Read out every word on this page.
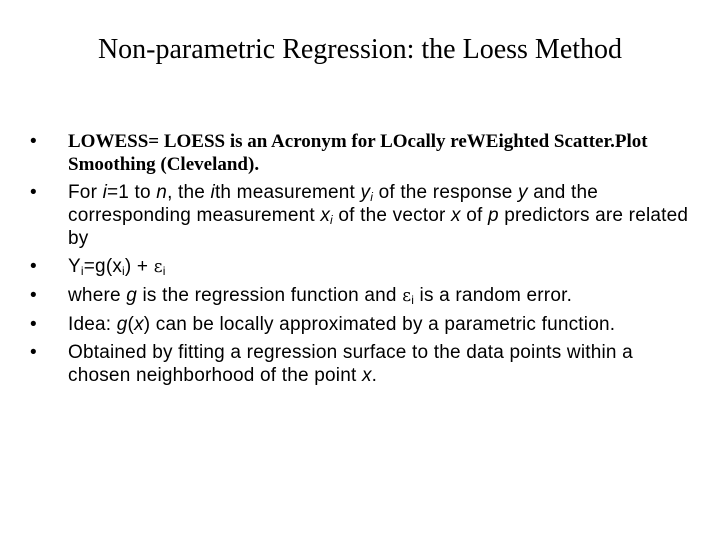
Non-parametric Regression: the Loess Method
•	LOWESS= LOESS is an Acronym for LOcally reWEighted Scatter.Plot Smoothing (Cleveland).
•	For i=1 to n, the ith measurement $y_i$ of the response y and the corresponding measurement $x_i$ of the vector x of p predictors are related by
•	$Y_i=g(x_i) + \varepsilon_i$
•	where g is the regression function and $\varepsilon_i$ is a random error.
•	Idea: g(x) can be locally approximated by a parametric function.
•	Obtained by fitting a regression surface to the data points within a chosen neighborhood of the point x.
